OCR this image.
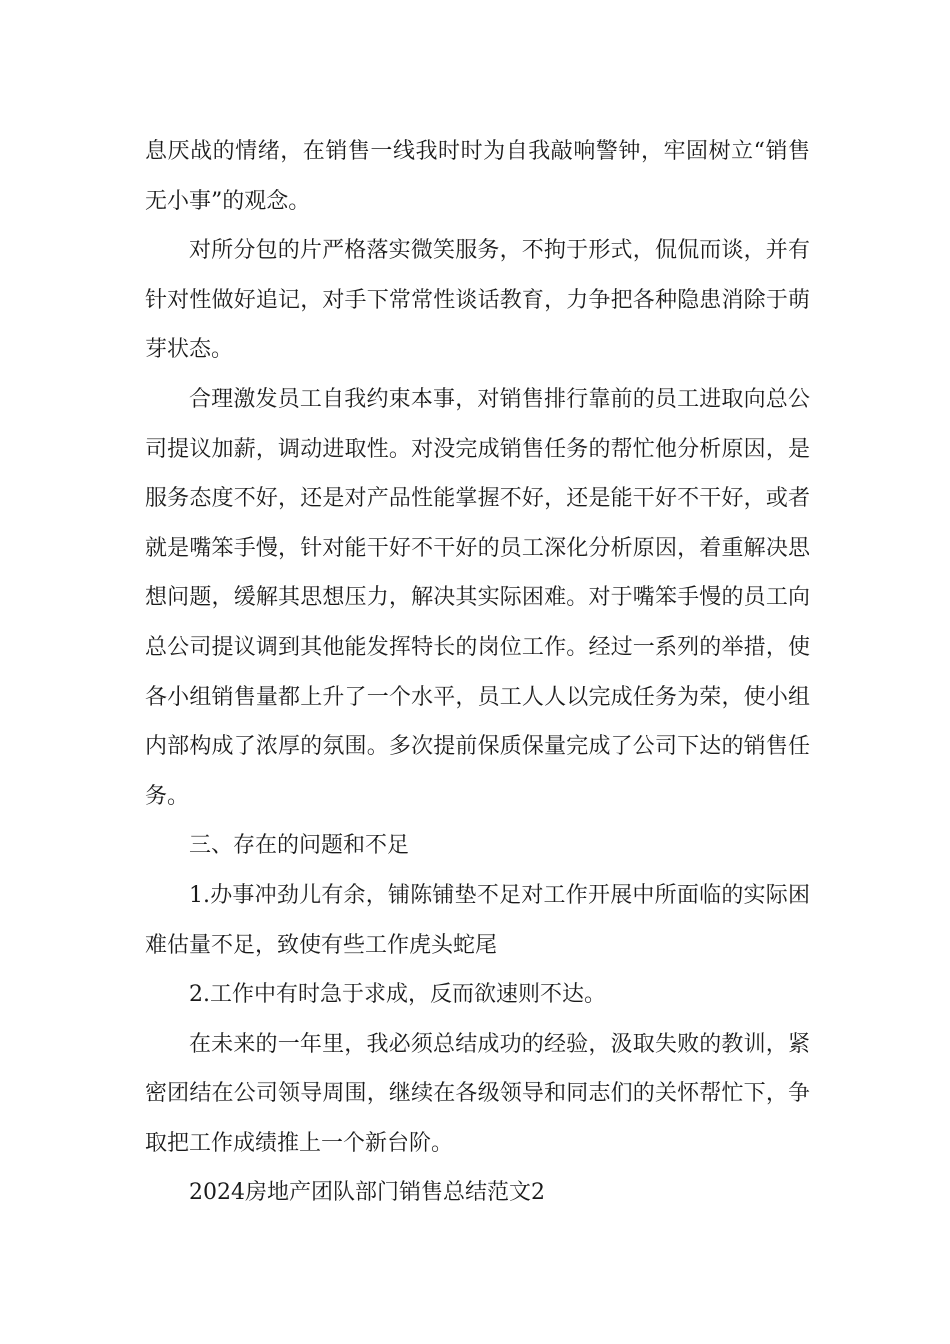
息厌战的情绪，在销售一线我时时为自我敲响警钟，牢固树立“销售无小事”的观念。

对所分包的片严格落实微笑服务，不拘于形式，侃侃而谈，并有针对性做好追记，对手下常常性谈话教育，力争把各种隐患消除于萌芽状态。

合理激发员工自我约束本事，对销售排行靠前的员工进取向总公司提议加薪，调动进取性。对没完成销售任务的帮忙他分析原因，是服务态度不好，还是对产品性能掌握不好，还是能干好不干好，或者就是嘴笨手慢，针对能干好不干好的员工深化分析原因，着重解决思想问题，缓解其思想压力，解决其实际困难。对于嘴笨手慢的员工向总公司提议调到其他能发挥特长的岗位工作。经过一系列的举措，使各小组销售量都上升了一个水平，员工人人以完成任务为荣，使小组内部构成了浓厚的氛围。多次提前保质保量完成了公司下达的销售任务。

三、存在的问题和不足

1.办事冲劲儿有余，铺陈铺垫不足对工作开展中所面临的实际困难估量不足，致使有些工作虎头蛇尾

2.工作中有时急于求成，反而欲速则不达。

在未来的一年里，我必须总结成功的经验，汲取失败的教训，紧密团结在公司领导周围，继续在各级领导和同志们的关怀帮忙下，争取把工作成绩推上一个新台阶。

2024房地产团队部门销售总结范文2
